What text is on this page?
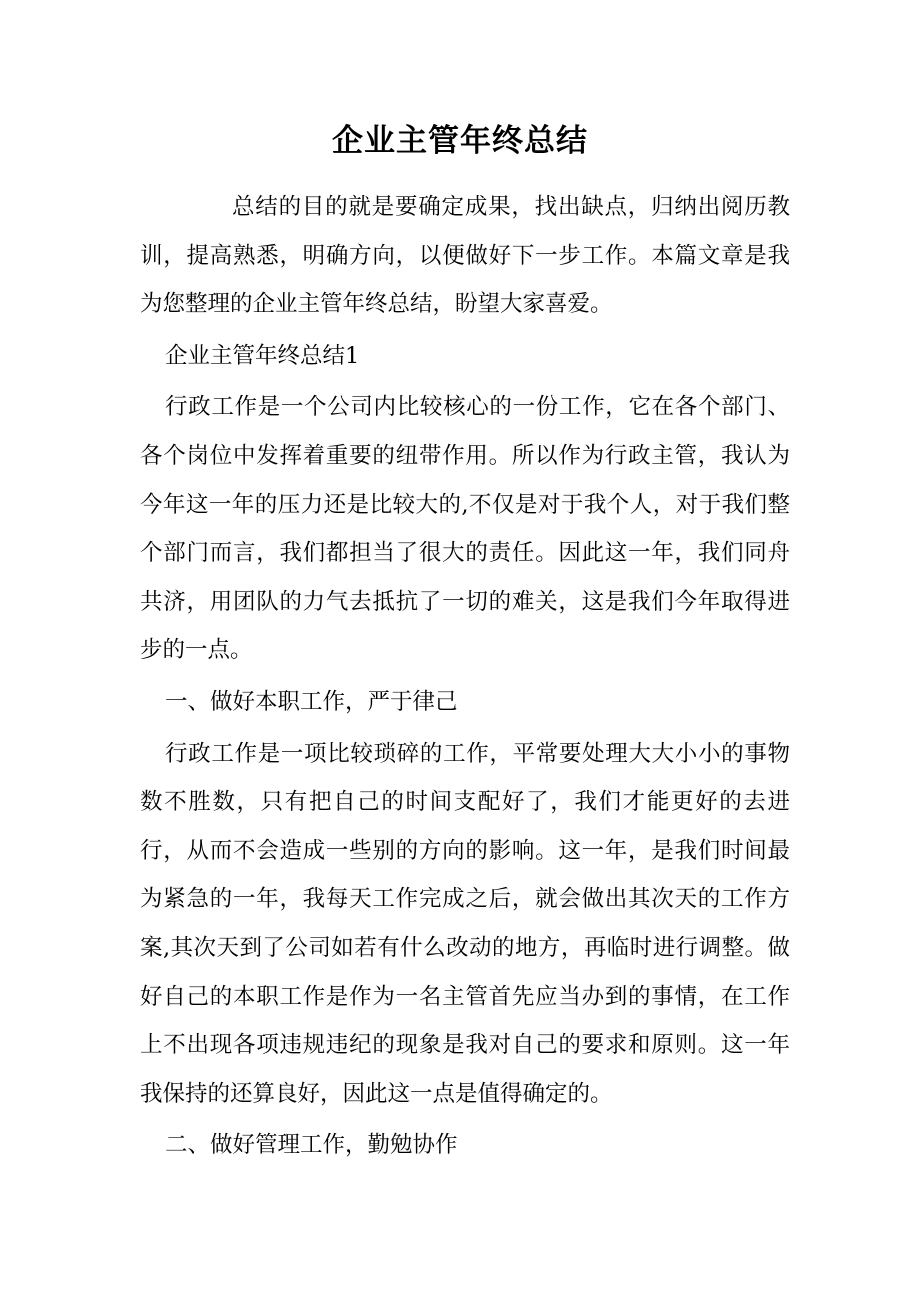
企业主管年终总结

总结的目的就是要确定成果，找出缺点，归纳出阅历教训，提高熟悉，明确方向，以便做好下一步工作。本篇文章是我为您整理的企业主管年终总结，盼望大家喜爱。

企业主管年终总结1

行政工作是一个公司内比较核心的一份工作，它在各个部门、各个岗位中发挥着重要的纽带作用。所以作为行政主管，我认为今年这一年的压力还是比较大的,不仅是对于我个人，对于我们整个部门而言，我们都担当了很大的责任。因此这一年，我们同舟共济，用团队的力气去抵抗了一切的难关，这是我们今年取得进步的一点。

一、做好本职工作，严于律己

行政工作是一项比较琐碎的工作，平常要处理大大小小的事物数不胜数，只有把自己的时间支配好了，我们才能更好的去进行，从而不会造成一些别的方向的影响。这一年，是我们时间最为紧急的一年，我每天工作完成之后，就会做出其次天的工作方案,其次天到了公司如若有什么改动的地方，再临时进行调整。做好自己的本职工作是作为一名主管首先应当办到的事情，在工作上不出现各项违规违纪的现象是我对自己的要求和原则。这一年我保持的还算良好，因此这一点是值得确定的。

二、做好管理工作，勤勉协作
